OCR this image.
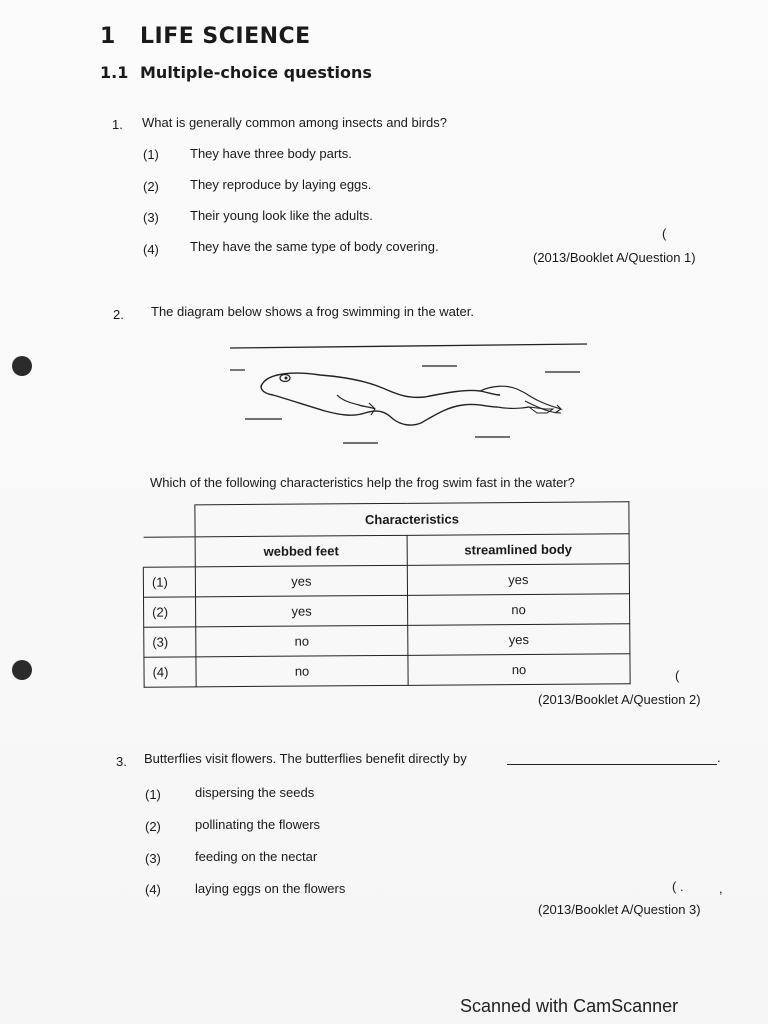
1 LIFE SCIENCE
1.1 Multiple-choice questions
1. What is generally common among insects and birds?
(1) They have three body parts.
(2) They reproduce by laying eggs.
(3) Their young look like the adults.
(4) They have the same type of body covering.
(
(2013/Booklet A/Question 1)
2. The diagram below shows a frog swimming in the water.
Which of the following characteristics help the frog swim fast in the water?
	Characteristics	
	webbed feet	streamlined body
(1)	yes	yes
(2)	yes	no
(3)	no	yes
(4)	no	no	(
(2013/Booklet A/Question 2)
3. Butterflies visit flowers. The butterflies benefit directly by	.
(1)	dispersing the seeds
(2)	pollinating the flowers
(3)	feeding on the nectar
(4)	laying eggs on the flowers	( .	,
(2013/Booklet A/Question 3)
Scanned with CamScanner
